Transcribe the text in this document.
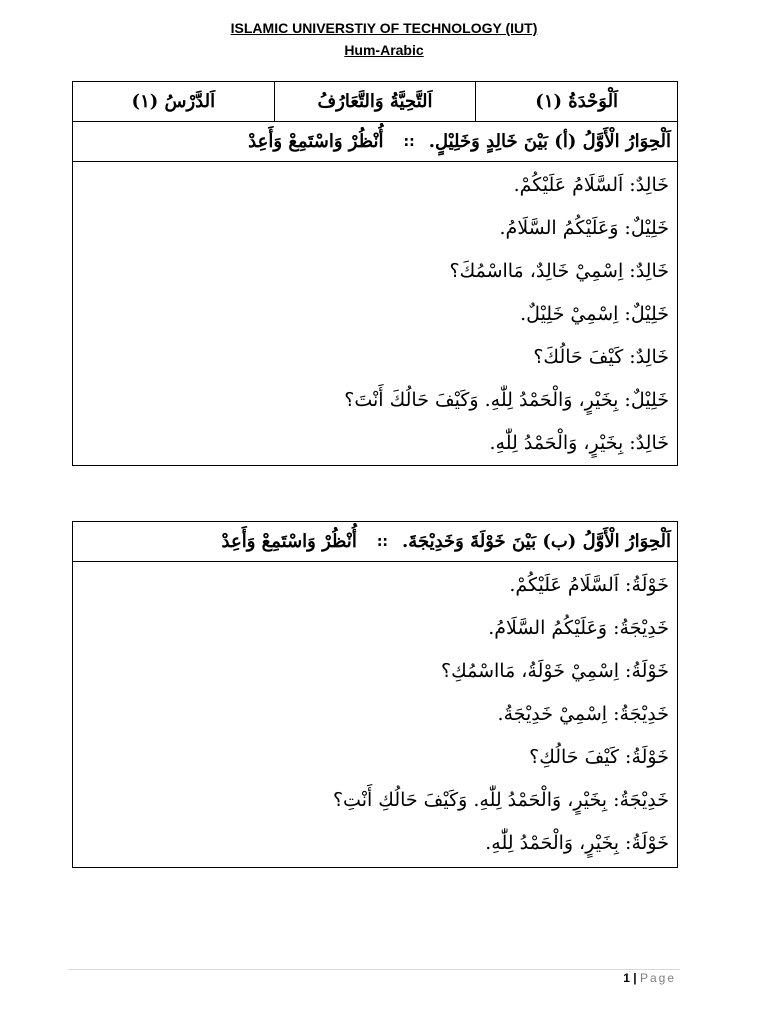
ISLAMIC UNIVERSTIY OF TECHNOLOGY (IUT)
Hum-Arabic
اَلْوَحْدَةُ (١)
اَلتَّحِيَّةُ وَالتَّعَارُفُ
اَلدَّرْسُ (١)
اَلْحِوَارُ الْأَوَّلُ (أ) بَيْنَ خَالِدٍ وَخَلِيْلٍ.
::
أُنْظُرْ وَاسْتَمِعْ وَأَعِدْ
خَالِدٌ: اَلسَّلَامُ عَلَيْكُمْ.
خَلِيْلٌ: وَعَلَيْكُمُ السَّلَامُ.
خَالِدٌ: اِسْمِيْ خَالِدٌ، مَااسْمُكَ؟
خَلِيْلٌ: اِسْمِيْ خَلِيْلٌ.
خَالِدٌ: كَيْفَ حَالُكَ؟
خَلِيْلٌ: بِخَيْرٍ، وَالْحَمْدُ لِلّٰهِ. وَكَيْفَ حَالُكَ أَنْتَ؟
خَالِدٌ: بِخَيْرٍ، وَالْحَمْدُ لِلّٰهِ.
اَلْحِوَارُ الْأَوَّلُ (ب) بَيْنَ خَوْلَةَ وَخَدِيْجَةَ.
::
أُنْظُرْ وَاسْتَمِعْ وَأَعِدْ
خَوْلَةُ: اَلسَّلَامُ عَلَيْكُمْ.
خَدِيْجَةُ: وَعَلَيْكُمُ السَّلَامُ.
خَوْلَةُ: اِسْمِيْ خَوْلَةُ، مَااسْمُكِ؟
خَدِيْجَةُ: اِسْمِيْ خَدِيْجَةُ.
خَوْلَةُ: كَيْفَ حَالُكِ؟
خَدِيْجَةُ: بِخَيْرٍ، وَالْحَمْدُ لِلّٰهِ. وَكَيْفَ حَالُكِ أَنْتِ؟
خَوْلَةُ: بِخَيْرٍ، وَالْحَمْدُ لِلّٰهِ.
1 | Page
